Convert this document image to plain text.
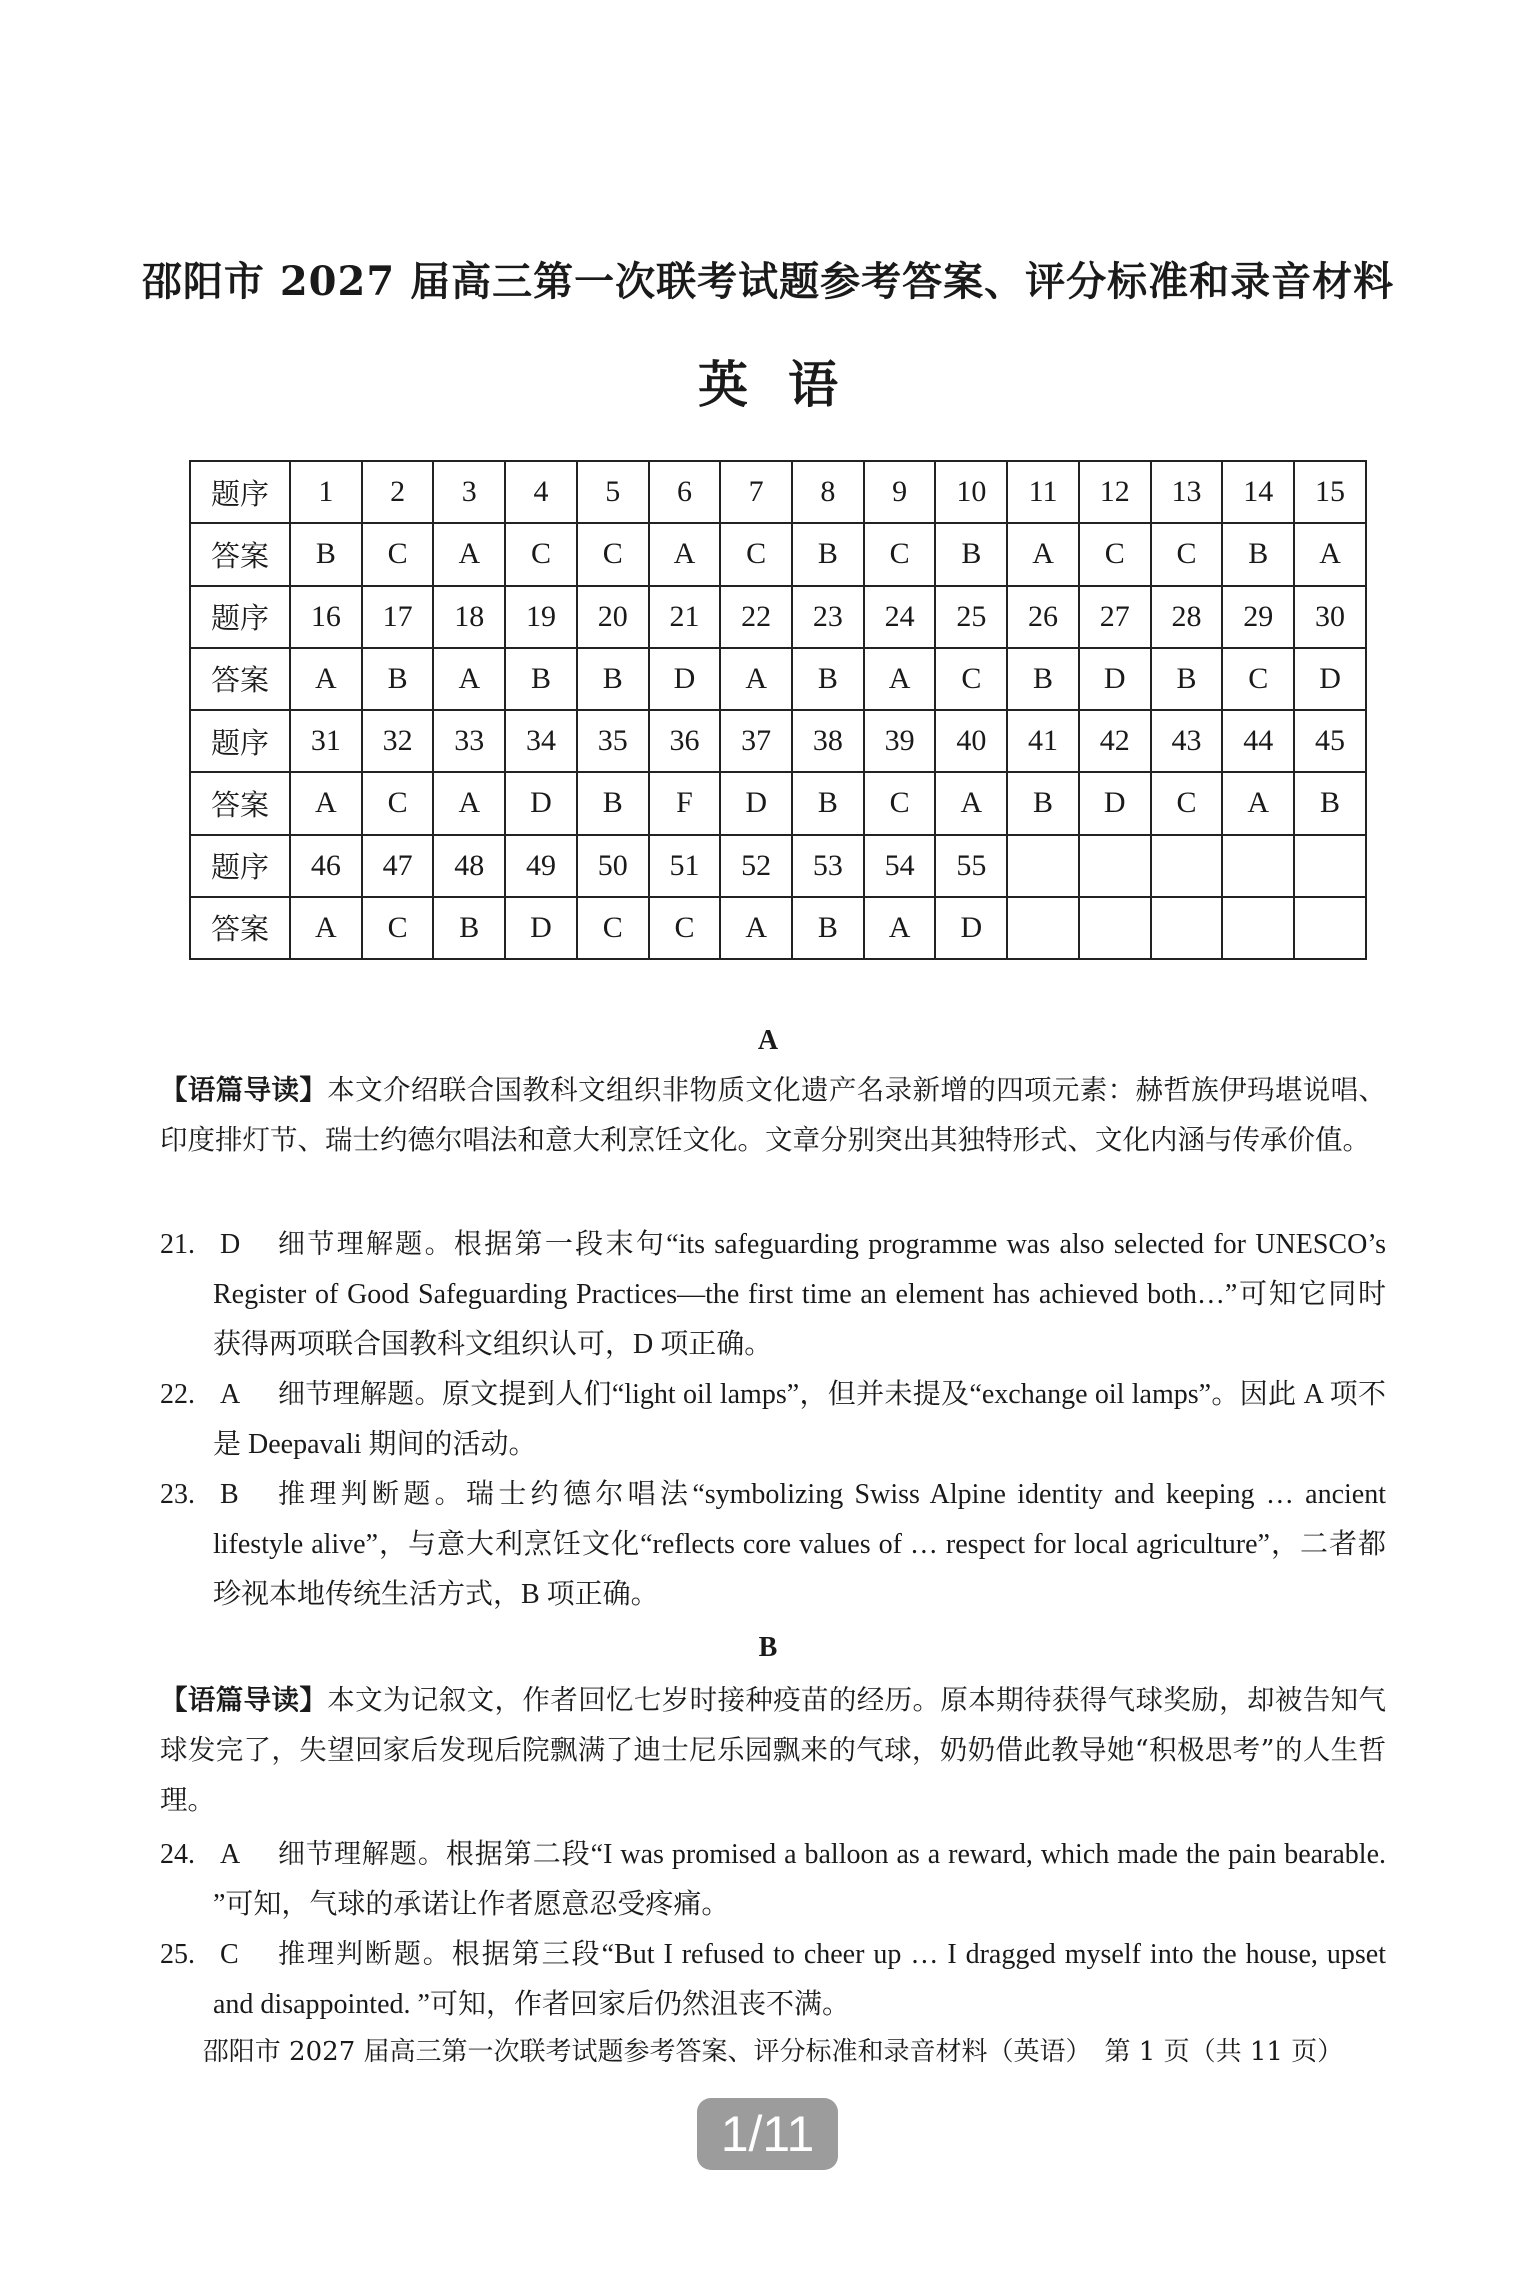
邵阳市 2027 届高三第一次联考试题参考答案、评分标准和录音材料
英语
题序	1	2	3	4	5	6	7	8	9	10	11	12	13	14	15
答案	B	C	A	C	C	A	C	B	C	B	A	C	C	B	A
题序	16	17	18	19	20	21	22	23	24	25	26	27	28	29	30
答案	A	B	A	B	B	D	A	B	A	C	B	D	B	C	D
题序	31	32	33	34	35	36	37	38	39	40	41	42	43	44	45
答案	A	C	A	D	B	F	D	B	C	A	B	D	C	A	B
题序	46	47	48	49	50	51	52	53	54	55					
答案	A	C	B	D	C	C	A	B	A	D					
A
【语篇导读】本文介绍联合国教科文组织非物质文化遗产名录新增的四项元素：赫哲族伊玛堪说唱、印度排灯节、瑞士约德尔唱法和意大利烹饪文化。文章分别突出其独特形式、文化内涵与传承价值。
21. D	细节理解题。根据第一段末句“its safeguarding programme was also selected for UNESCO’s Register of Good Safeguarding Practices—the first time an element has achieved both…”可知它同时获得两项联合国教科文组织认可，D 项正确。
22. A	细节理解题。原文提到人们“light oil lamps”，但并未提及“exchange oil lamps”。因此 A 项不是 Deepavali 期间的活动。
23. B	推理判断题。瑞士约德尔唱法“symbolizing Swiss Alpine identity and keeping … ancient lifestyle alive”，与意大利烹饪文化“reflects core values of … respect for local agriculture”，二者都珍视本地传统生活方式，B 项正确。
B
【语篇导读】本文为记叙文，作者回忆七岁时接种疫苗的经历。原本期待获得气球奖励，却被告知气球发完了，失望回家后发现后院飘满了迪士尼乐园飘来的气球，奶奶借此教导她“积极思考”的人生哲理。
24. A	细节理解题。根据第二段“I was promised a balloon as a reward, which made the pain bearable. ”可知，气球的承诺让作者愿意忍受疼痛。
25. C	推理判断题。根据第三段“But I refused to cheer up … I dragged myself into the house, upset and disappointed. ”可知，作者回家后仍然沮丧不满。
邵阳市 2027 届高三第一次联考试题参考答案、评分标准和录音材料（英语）　第 1 页（共 11 页）
1/11
